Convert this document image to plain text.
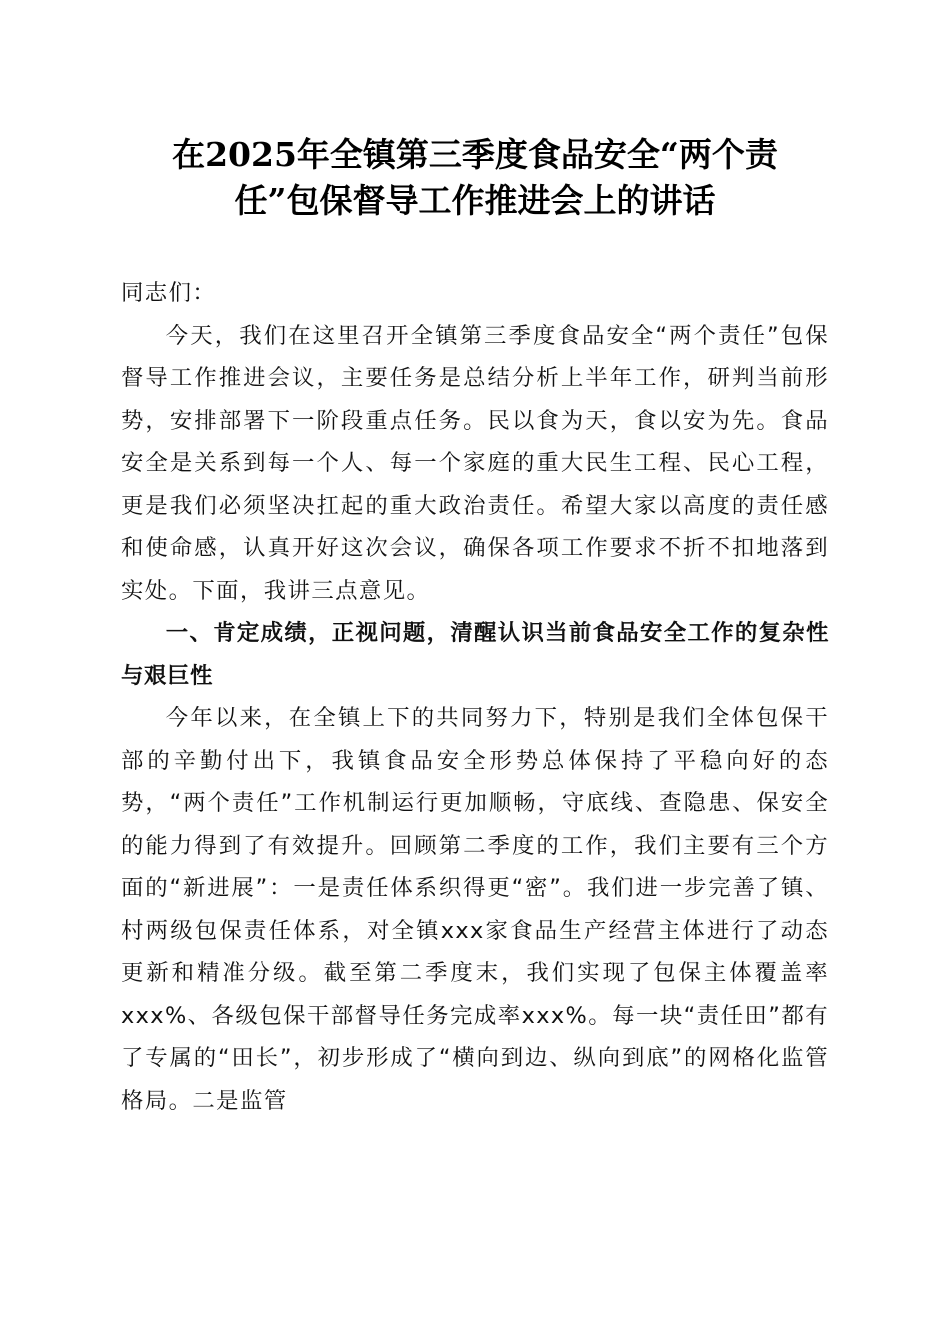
在2025年全镇第三季度食品安全“两个责
任”包保督导工作推进会上的讲话

同志们：

今天，我们在这里召开全镇第三季度食品安全“两个责任”包保督导工作推进会议，主要任务是总结分析上半年工作，研判当前形势，安排部署下一阶段重点任务。民以食为天，食以安为先。食品安全是关系到每一个人、每一个家庭的重大民生工程、民心工程，更是我们必须坚决扛起的重大政治责任。希望大家以高度的责任感和使命感，认真开好这次会议，确保各项工作要求不折不扣地落到实处。下面，我讲三点意见。

一、肯定成绩，正视问题，清醒认识当前食品安全工作的复杂性与艰巨性

今年以来，在全镇上下的共同努力下，特别是我们全体包保干部的辛勤付出下，我镇食品安全形势总体保持了平稳向好的态势，“两个责任”工作机制运行更加顺畅，守底线、查隐患、保安全的能力得到了有效提升。回顾第二季度的工作，我们主要有三个方面的“新进展”：一是责任体系织得更“密”。我们进一步完善了镇、村两级包保责任体系，对全镇xxx家食品生产经营主体进行了动态更新和精准分级。截至第二季度末，我们实现了包保主体覆盖率xxx%、各级包保干部督导任务完成率xxx%。每一块“责任田”都有了专属的“田长”，初步形成了“横向到边、纵向到底”的网格化监管格局。二是监管
